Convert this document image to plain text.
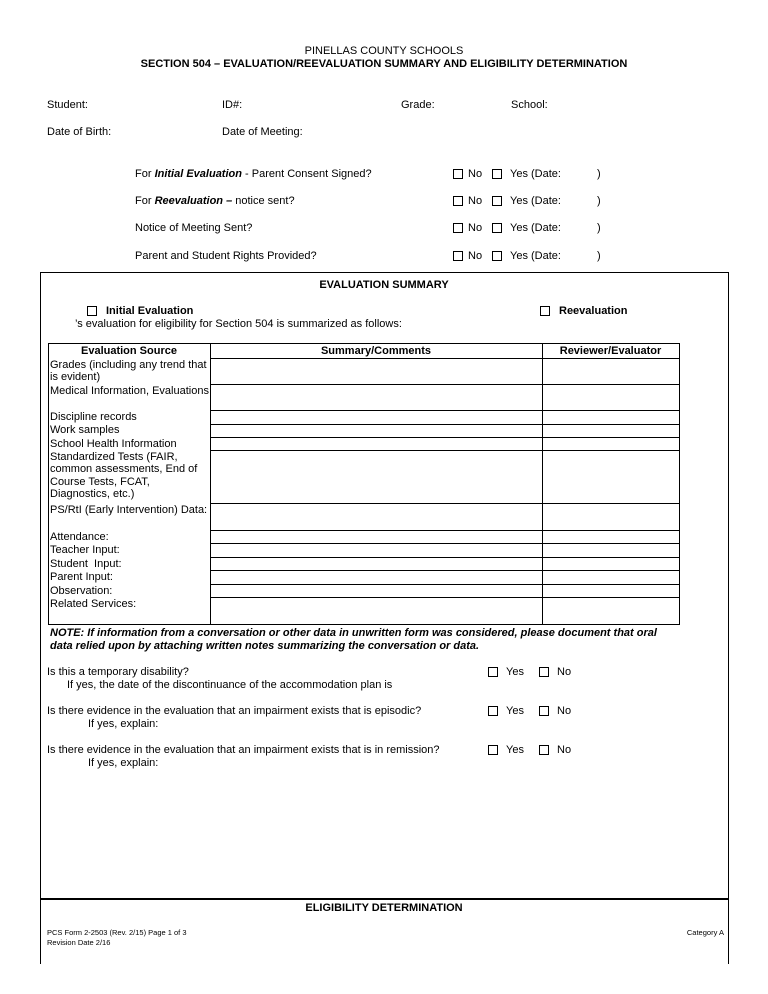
PINELLAS COUNTY SCHOOLS
SECTION 504 – EVALUATION/REEVALUATION SUMMARY AND ELIGIBILITY DETERMINATION
Student:	ID#:	Grade:	School:
Date of Birth:	Date of Meeting:
For Initial Evaluation - Parent Consent Signed?	No	Yes (Date:	)
For Reevaluation – notice sent?	No	Yes (Date:	)
Notice of Meeting Sent?	No	Yes (Date:	)
Parent and Student Rights Provided?	No	Yes (Date:	)
EVALUATION SUMMARY
Initial Evaluation	Reevaluation
’s evaluation for eligibility for Section 504 is summarized as follows:
Evaluation Source	Summary/Comments	Reviewer/Evaluator
Grades (including any trend that is evident)
Medical Information, Evaluations
Discipline records
Work samples
School Health Information
Standardized Tests (FAIR, common assessments, End of Course Tests, FCAT, Diagnostics, etc.)
PS/RtI (Early Intervention) Data:
Attendance:
Teacher Input:
Student  Input:
Parent Input:
Observation:
Related Services:
NOTE: If information from a conversation or other data in unwritten form was considered, please document that oral data relied upon by attaching written notes summarizing the conversation or data.
Is this a temporary disability?
If yes, the date of the discontinuance of the accommodation plan is
Yes	No
Is there evidence in the evaluation that an impairment exists that is episodic?
If yes, explain:
Yes	No
Is there evidence in the evaluation that an impairment exists that is in remission?
If yes, explain:
Yes	No
ELIGIBILITY DETERMINATION
PCS Form 2-2503 (Rev. 2/15) Page 1 of 3
Revision Date 2/16
Category A
